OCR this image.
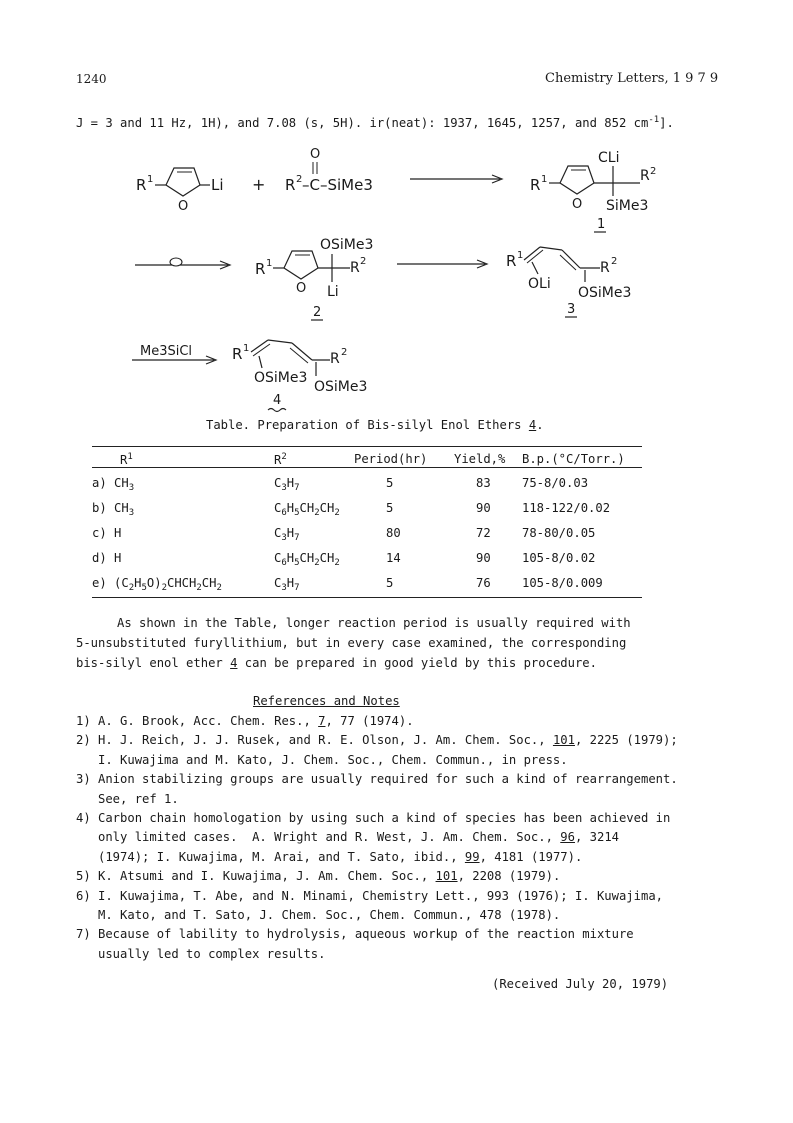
1240	Chemistry Letters, 1 9 7 9
J = 3 and 11 Hz, 1H), and 7.08 (s, 5H). ir(neat): 1937, 1645, 1257, and 852 $cm^{-1}$].
R 1
O
Li +
O
R 2 –C–SiMe3	R 1
O
CLi
R 2
SiMe3
1
R 1
O
OSiMe3
R 2
Li
2
R 1
OLi
R 2
OSiMe3
3
Me3SiCl	R 1
OSiMe3
R 2
OSiMe3
4
Table. Preparation of Bis-silyl Enol Ethers 4.
$R^1$	$R^2$	Period(hr) Yield,% B.p.(°C/Torr.)
a) $CH_3$	$C_3H_7$	5	83	75-8/0.03
b) $CH_3$	$C_6H_5CH_2CH_2$	5	90	118-122/0.02
c) H	$C_3H_7$	80	72	78-80/0.05
d) H	$C_6H_5CH_2CH_2$	14	90	105-8/0.02
e) $(C_2H_5O)_2CHCH_2CH_2$	$C_3H_7$	5	76	105-8/0.009
As shown in the Table, longer reaction period is usually required with
5-unsubstituted furyllithium, but in every case examined, the corresponding
bis-silyl enol ether 4 can be prepared in good yield by this procedure.
References and Notes
1) A. G. Brook, Acc. Chem. Res., 7, 77 (1974).
2) H. J. Reich, J. J. Rusek, and R. E. Olson, J. Am. Chem. Soc., 101, 2225 (1979);
I. Kuwajima and M. Kato, J. Chem. Soc., Chem. Commun., in press.
3) Anion stabilizing groups are usually required for such a kind of rearrangement.
See, ref 1.
4) Carbon chain homologation by using such a kind of species has been achieved in
only limited cases.  A. Wright and R. West, J. Am. Chem. Soc., 96, 3214
(1974); I. Kuwajima, M. Arai, and T. Sato, ibid., 99, 4181 (1977).
5) K. Atsumi and I. Kuwajima, J. Am. Chem. Soc., 101, 2208 (1979).
6) I. Kuwajima, T. Abe, and N. Minami, Chemistry Lett., 993 (1976); I. Kuwajima,
M. Kato, and T. Sato, J. Chem. Soc., Chem. Commun., 478 (1978).
7) Because of lability to hydrolysis, aqueous workup of the reaction mixture
usually led to complex results.
(Received July 20, 1979)
